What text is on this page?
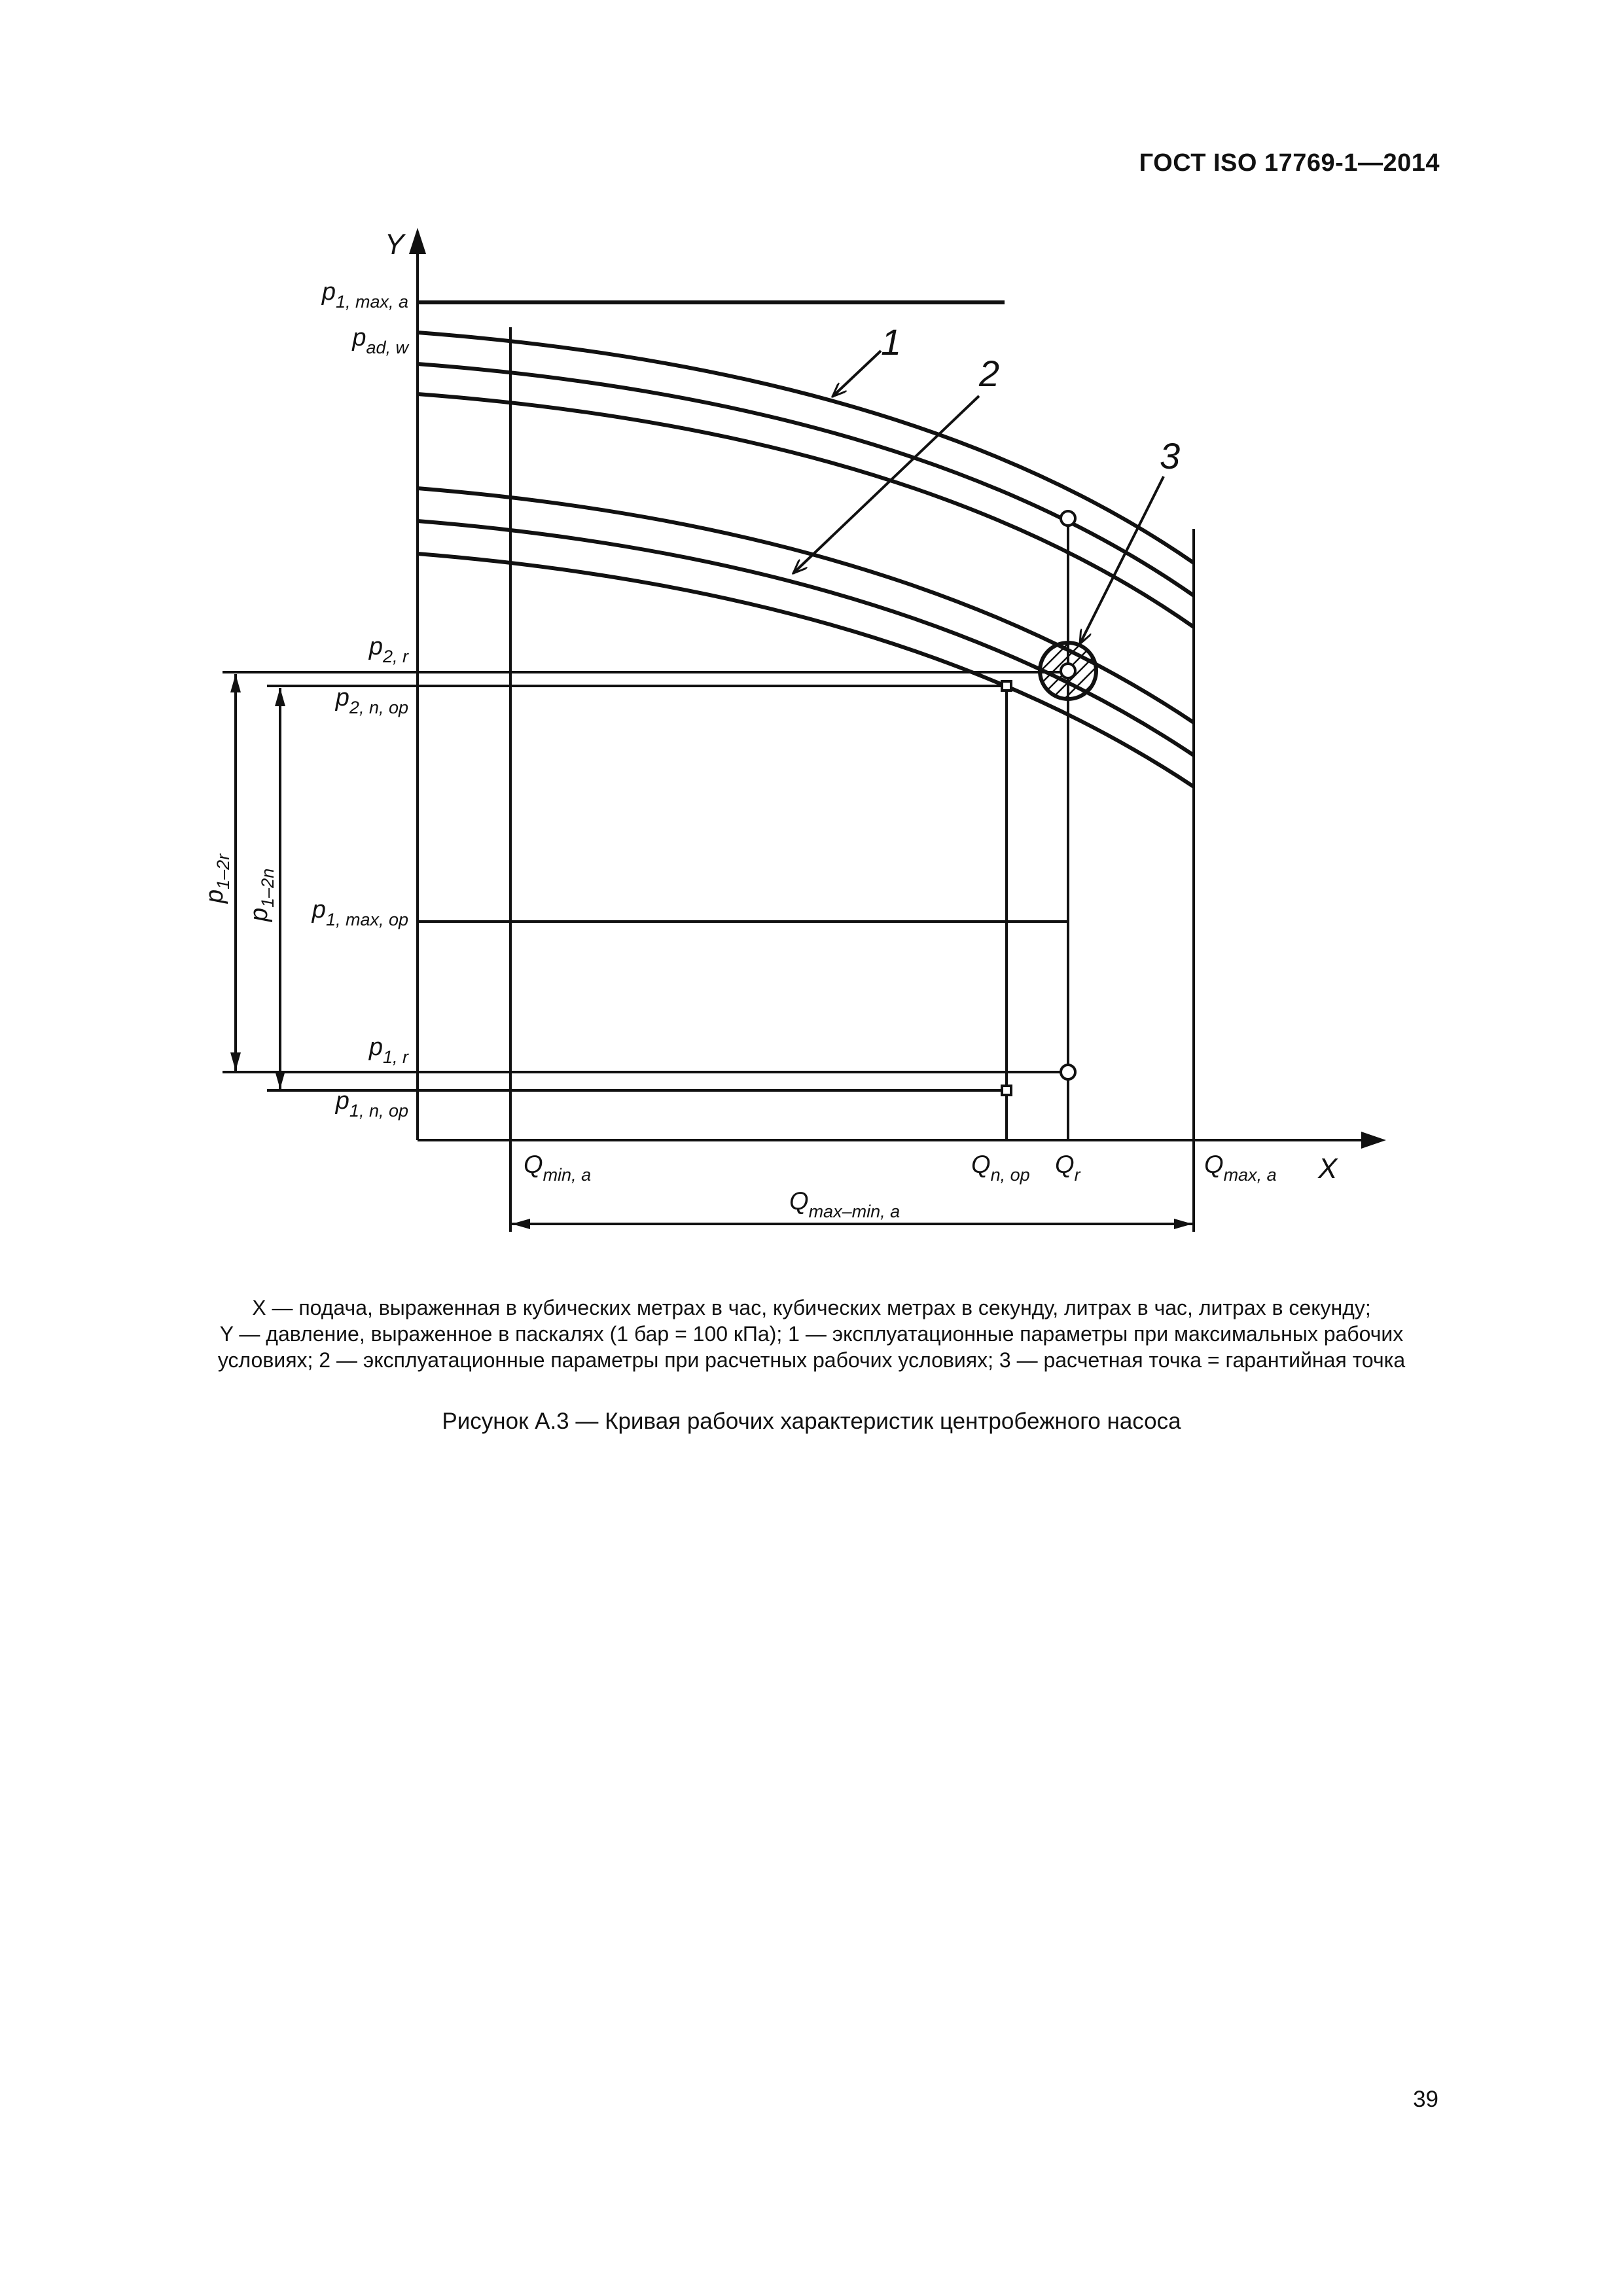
ГОСТ ISO 17769-1—2014
Y
X
1
2
3
$p_{1, max, a}$
$p_{ad, w}$
$p_{2, r}$
$p_{2, n, op}$
$p_{1, max, op}$
$p_{1, r}$
$p_{1, n, op}$
$p_{1-2r}$
$p_{1-2n}$
$Q_{min, a}$	$Q_{n, op}$ $Q_r$	$Q_{max, a}$
$Q_{max-min, a}$
X — подача, выраженная в кубических метрах в час, кубических метрах в секунду, литрах в час, литрах в секунду;
Y — давление, выраженное в паскалях (1 бар = 100 кПа); 1 — эксплуатационные параметры при максимальных рабочих
условиях; 2 — эксплуатационные параметры при расчетных рабочих условиях; 3 — расчетная точка = гарантийная точка
Рисунок А.3 — Кривая рабочих характеристик центробежного насоса
39
